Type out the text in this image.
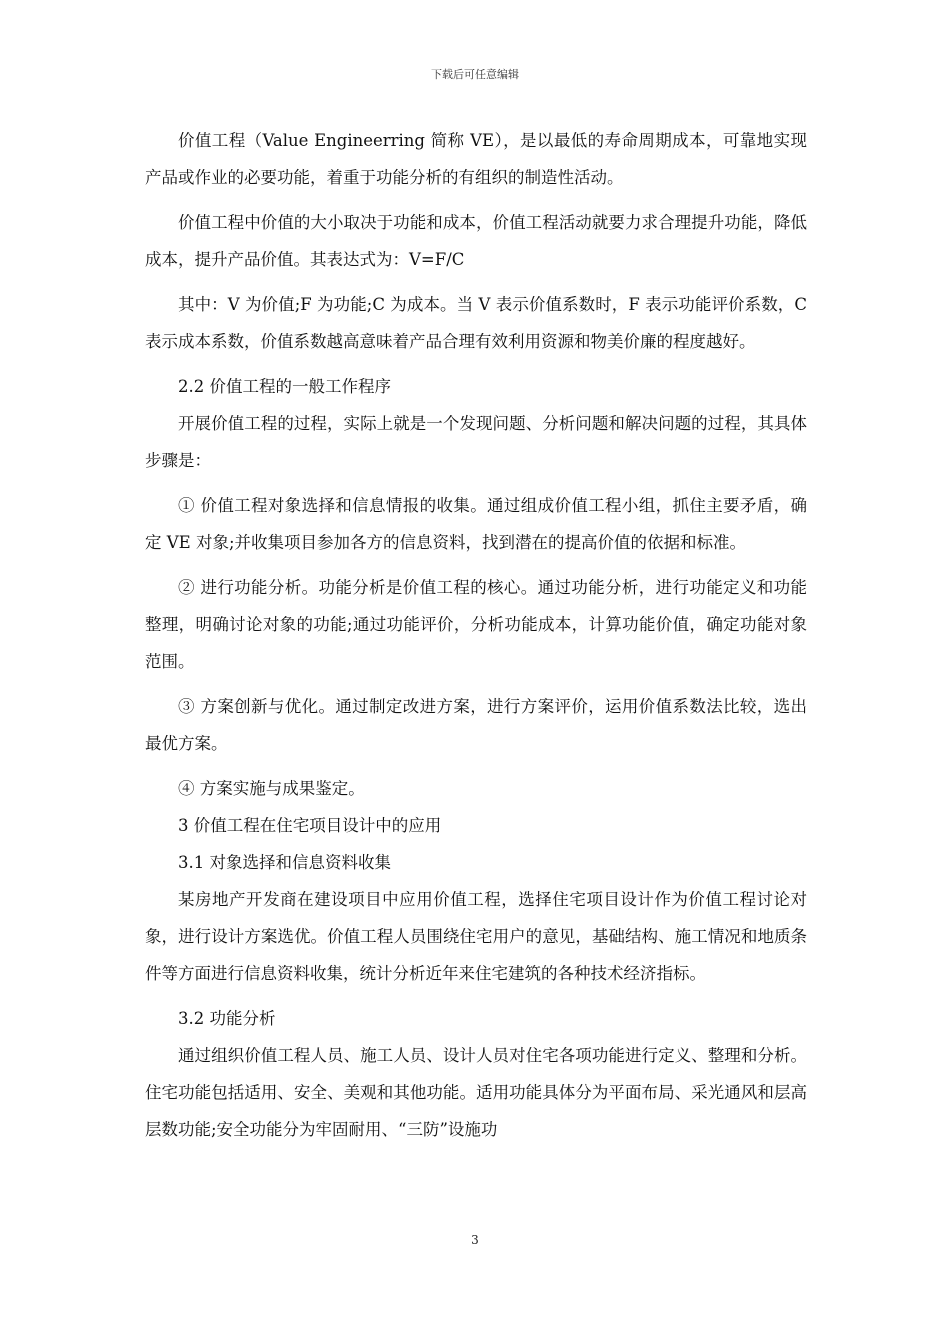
下载后可任意编辑

价值工程（Value Engineerring 简称 VE），是以最低的寿命周期成本，可靠地实现产品或作业的必要功能，着重于功能分析的有组织的制造性活动。

价值工程中价值的大小取决于功能和成本，价值工程活动就要力求合理提升功能，降低成本，提升产品价值。其表达式为：V=F/C

其中：V 为价值;F 为功能;C 为成本。当 V 表示价值系数时，F 表示功能评价系数，C 表示成本系数，价值系数越高意味着产品合理有效利用资源和物美价廉的程度越好。

2.2 价值工程的一般工作程序

开展价值工程的过程，实际上就是一个发现问题、分析问题和解决问题的过程，其具体步骤是：

① 价值工程对象选择和信息情报的收集。通过组成价值工程小组，抓住主要矛盾，确定 VE 对象;并收集项目参加各方的信息资料，找到潜在的提高价值的依据和标准。

② 进行功能分析。功能分析是价值工程的核心。通过功能分析，进行功能定义和功能整理，明确讨论对象的功能;通过功能评价，分析功能成本，计算功能价值，确定功能对象范围。

③ 方案创新与优化。通过制定改进方案，进行方案评价，运用价值系数法比较，选出最优方案。

④ 方案实施与成果鉴定。

3 价值工程在住宅项目设计中的应用

3.1 对象选择和信息资料收集

某房地产开发商在建设项目中应用价值工程，选择住宅项目设计作为价值工程讨论对象，进行设计方案选优。价值工程人员围绕住宅用户的意见，基础结构、施工情况和地质条件等方面进行信息资料收集，统计分析近年来住宅建筑的各种技术经济指标。

3.2 功能分析

通过组织价值工程人员、施工人员、设计人员对住宅各项功能进行定义、整理和分析。住宅功能包括适用、安全、美观和其他功能。适用功能具体分为平面布局、采光通风和层高层数功能;安全功能分为牢固耐用、“三防”设施功

3
